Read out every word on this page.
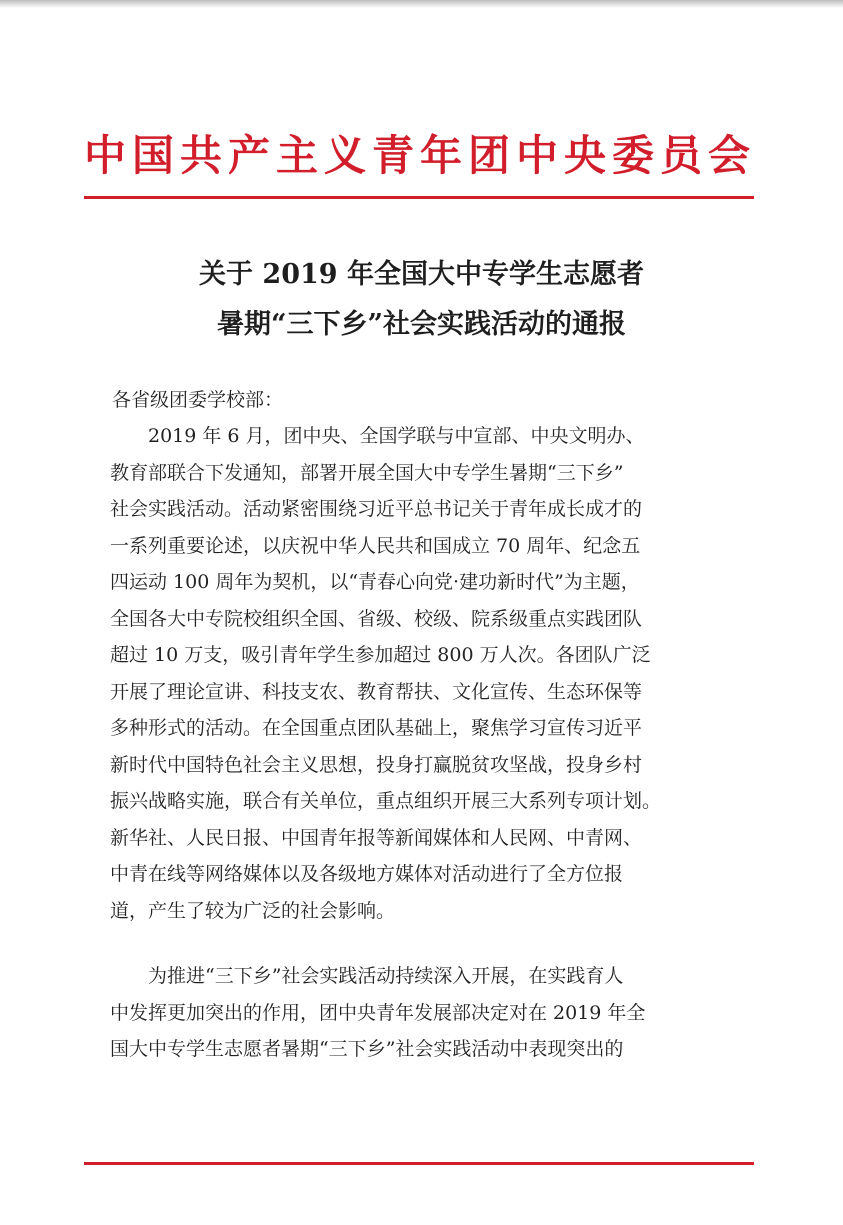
中国共产主义青年团中央委员会
关于 2019 年全国大中专学生志愿者
暑期“三下乡”社会实践活动的通报
各省级团委学校部：
　　2019 年 6 月，团中央、全国学联与中宣部、中央文明办、
教育部联合下发通知，部署开展全国大中专学生暑期“三下乡”
社会实践活动。活动紧密围绕习近平总书记关于青年成长成才的
一系列重要论述，以庆祝中华人民共和国成立 70 周年、纪念五
四运动 100 周年为契机，以“青春心向党·建功新时代”为主题，
全国各大中专院校组织全国、省级、校级、院系级重点实践团队
超过 10 万支，吸引青年学生参加超过 800 万人次。各团队广泛
开展了理论宣讲、科技支农、教育帮扶、文化宣传、生态环保等
多种形式的活动。在全国重点团队基础上，聚焦学习宣传习近平
新时代中国特色社会主义思想，投身打赢脱贫攻坚战，投身乡村
振兴战略实施，联合有关单位，重点组织开展三大系列专项计划。
新华社、人民日报、中国青年报等新闻媒体和人民网、中青网、
中青在线等网络媒体以及各级地方媒体对活动进行了全方位报
道，产生了较为广泛的社会影响。
　　为推进“三下乡”社会实践活动持续深入开展，在实践育人
中发挥更加突出的作用，团中央青年发展部决定对在 2019 年全
国大中专学生志愿者暑期“三下乡”社会实践活动中表现突出的
